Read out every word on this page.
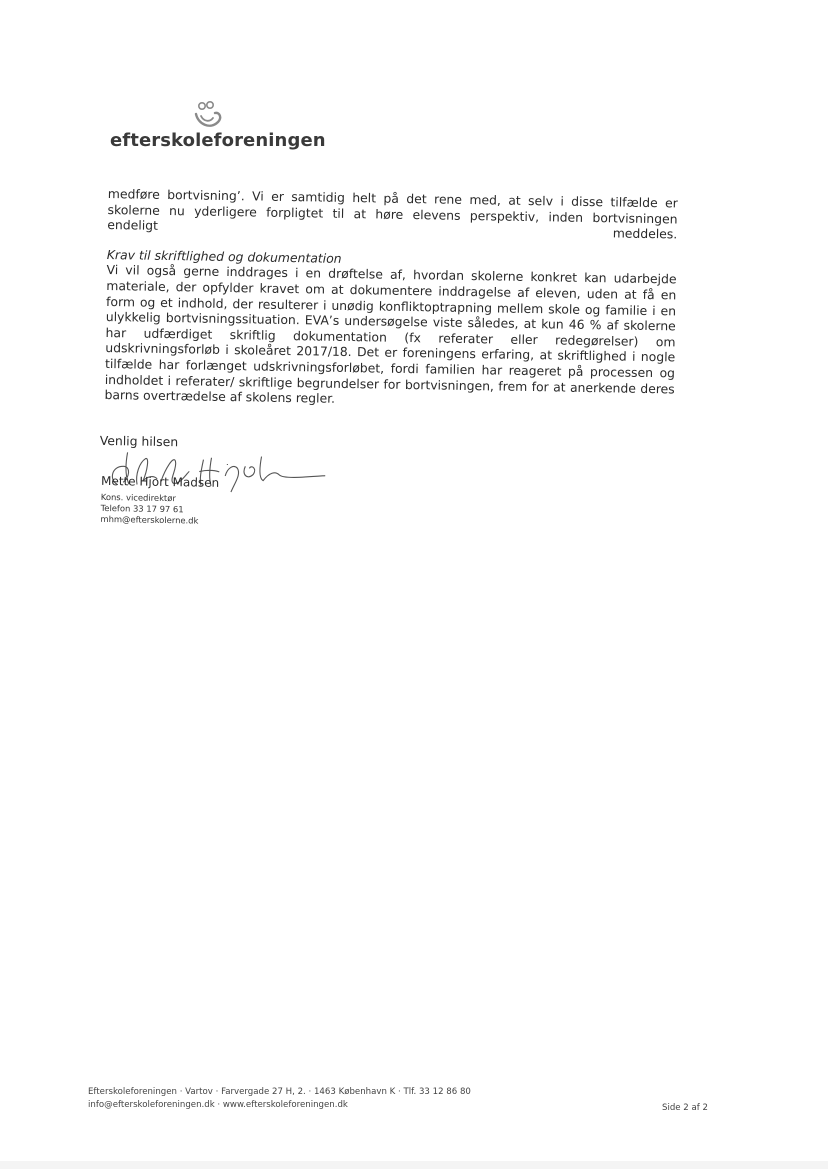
efterskoleforeningen

medføre bortvisning’. Vi er samtidig helt på det rene med, at selv i disse tilfælde er skolerne nu yderligere forpligtet til at høre elevens perspektiv, inden bortvisningen endeligt meddeles.

Krav til skriftlighed og dokumentation

Vi vil også gerne inddrages i en drøftelse af, hvordan skolerne konkret kan udarbejde materiale, der opfylder kravet om at dokumentere inddragelse af eleven, uden at få en form og et indhold, der resulterer i unødig konfliktoptrapning mellem skole og familie i en ulykkelig bortvisningssituation. EVA’s undersøgelse viste således, at kun 46 % af skolerne har udfærdiget skriftlig dokumentation (fx referater eller redegørelser) om udskrivningsforløb i skoleåret 2017/18. Det er foreningens erfaring, at skriftlighed i nogle tilfælde har forlænget udskrivningsforløbet, fordi familien har reageret på processen og indholdet i referater/ skriftlige begrundelser for bortvisningen, frem for at anerkende deres barns overtrædelse af skolens regler.

Venlig hilsen
Mette Hjort Madsen
Kons. vicedirektør
Telefon 33 17 97 61
mhm@efterskolerne.dk
Efterskoleforeningen · Vartov · Farvergade 27 H, 2. · 1463 København K · Tlf. 33 12 86 80
info@efterskoleforeningen.dk · www.efterskoleforeningen.dk	Side 2 af 2
